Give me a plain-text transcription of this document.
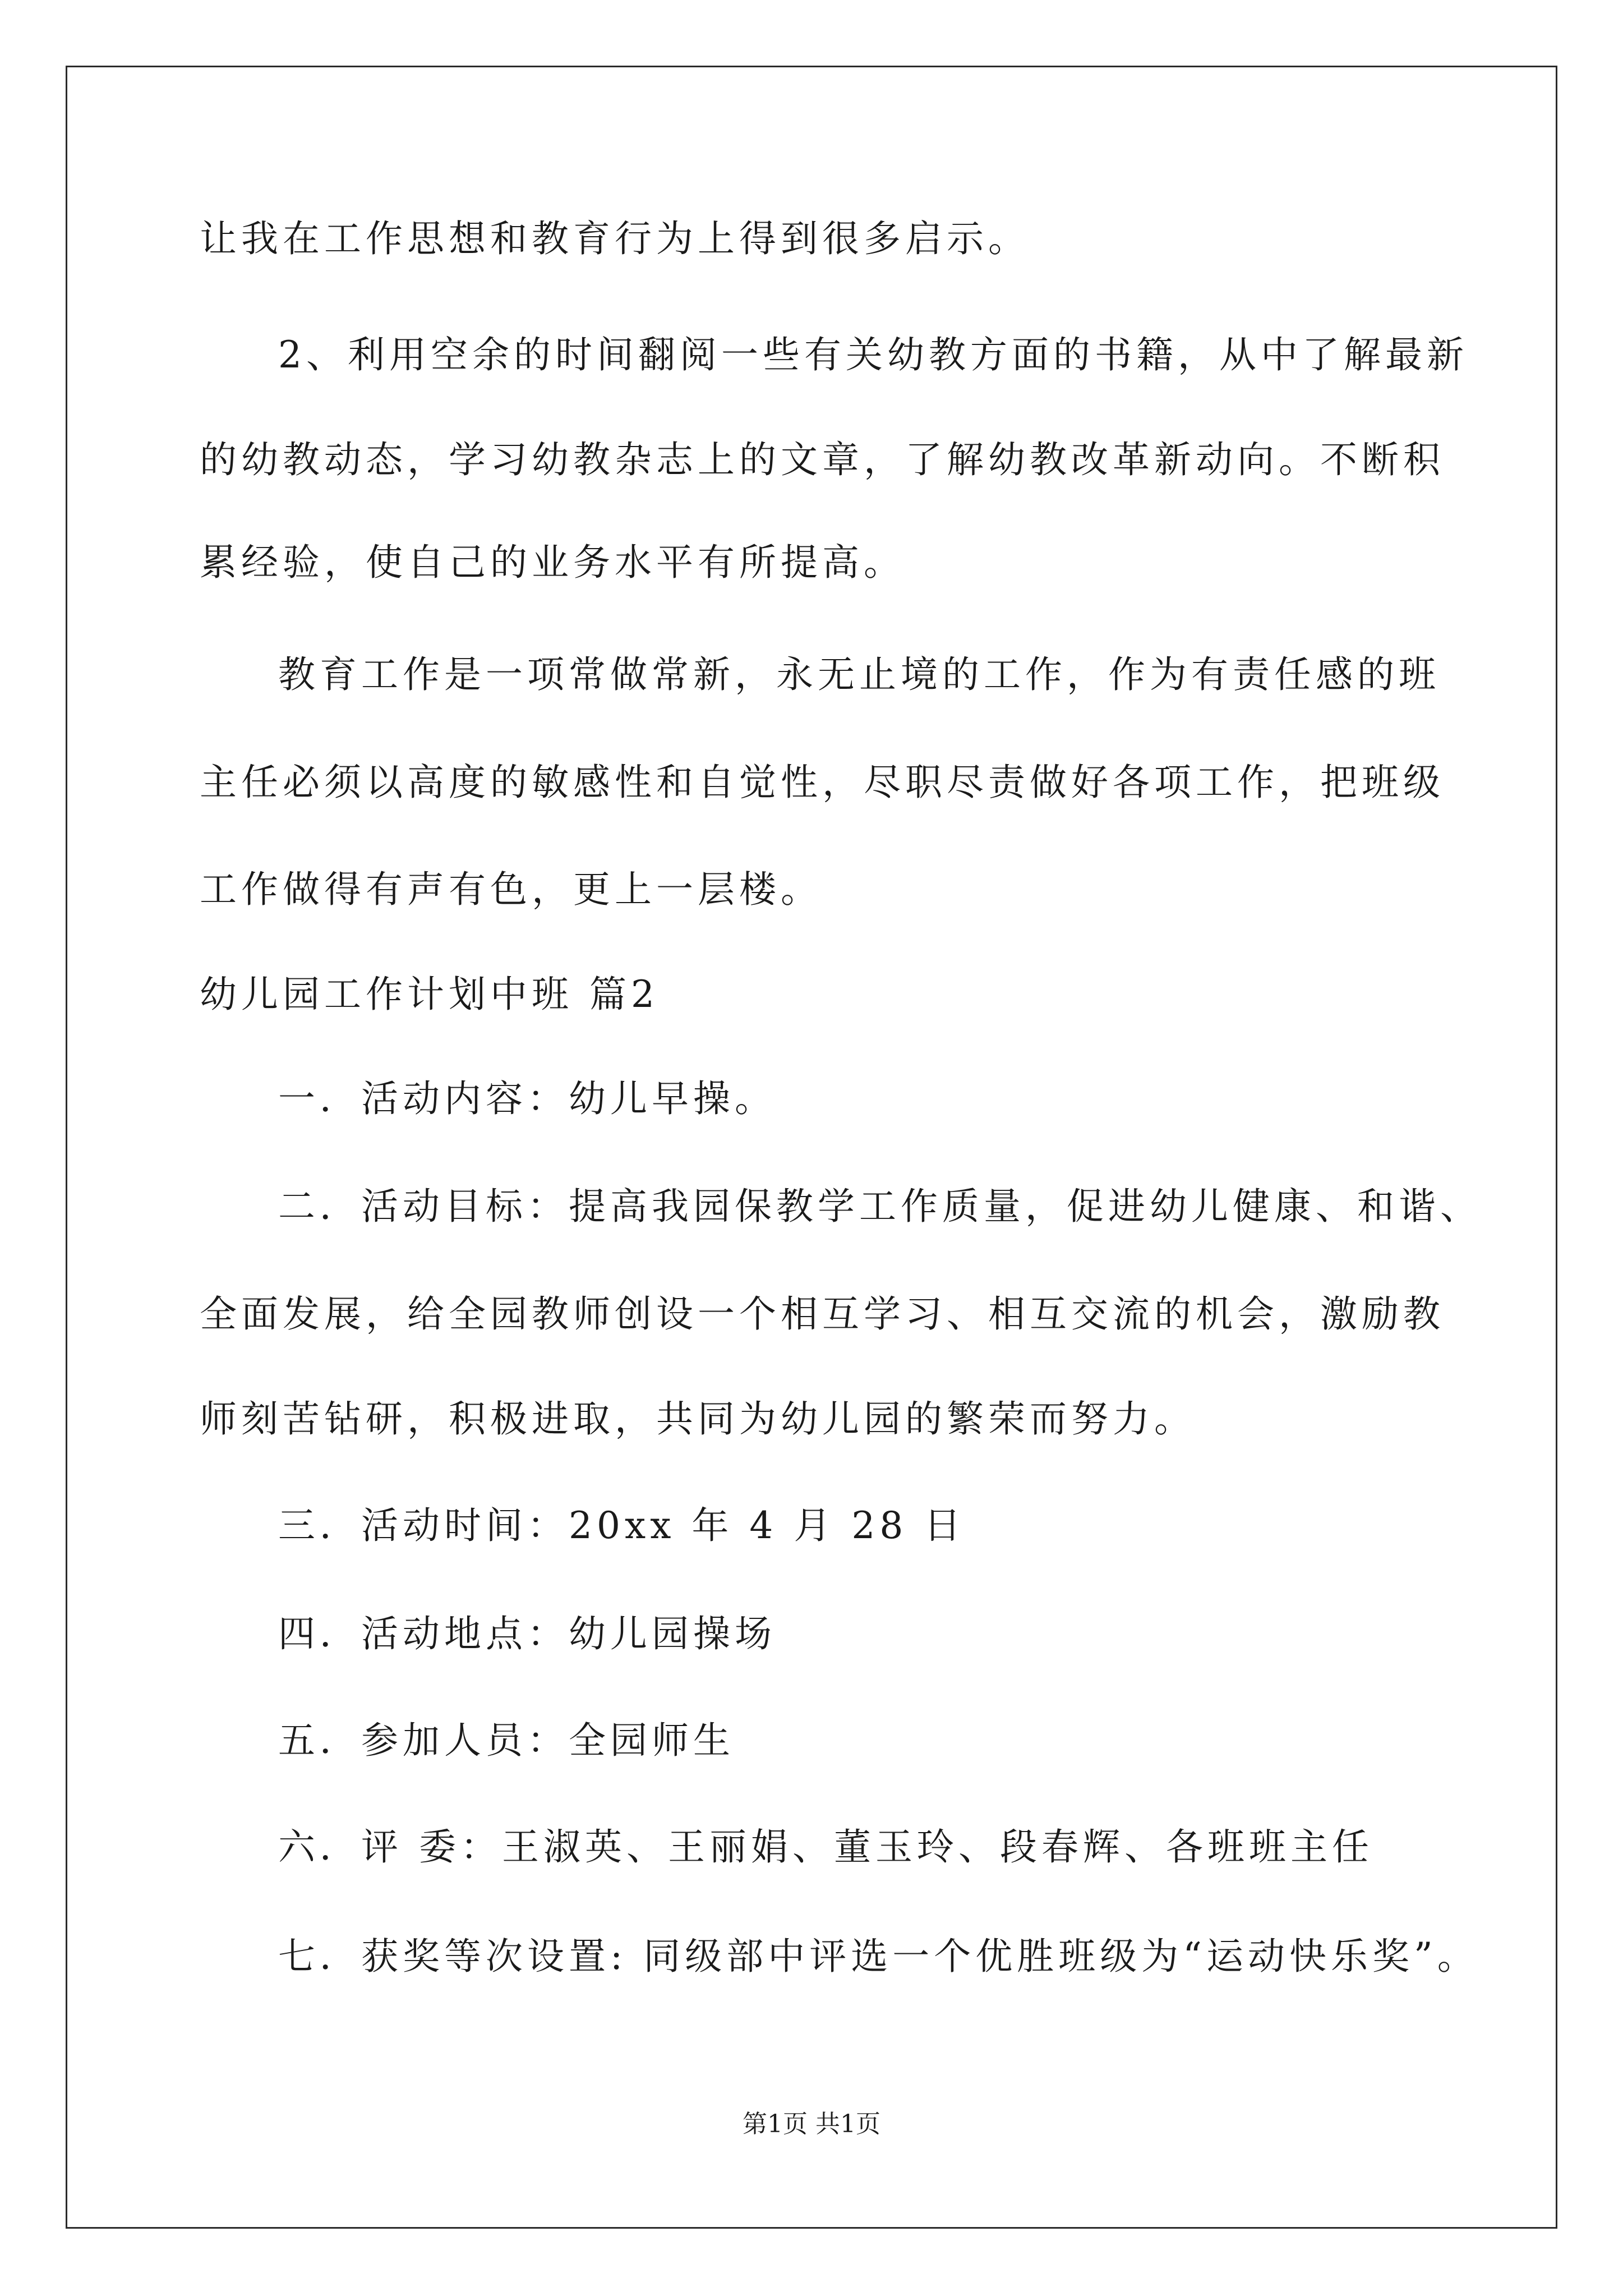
让我在工作思想和教育行为上得到很多启示。
2、利用空余的时间翻阅一些有关幼教方面的书籍，从中了解最新
的幼教动态，学习幼教杂志上的文章，了解幼教改革新动向。不断积
累经验，使自己的业务水平有所提高。
教育工作是一项常做常新，永无止境的工作，作为有责任感的班
主任必须以高度的敏感性和自觉性，尽职尽责做好各项工作，把班级
工作做得有声有色，更上一层楼。
幼儿园工作计划中班 篇2
一．活动内容：幼儿早操。
二．活动目标：提高我园保教学工作质量，促进幼儿健康、和谐、
全面发展，给全园教师创设一个相互学习、相互交流的机会，激励教
师刻苦钻研，积极进取，共同为幼儿园的繁荣而努力。
三．活动时间：20xx 年 4 月 28 日
四．活动地点：幼儿园操场
五．参加人员：全园师生
六．评 委：王淑英、王丽娟、董玉玲、段春辉、各班班主任
七．获奖等次设置: 同级部中评选一个优胜班级为“运动快乐奖”。
第1页 共1页
